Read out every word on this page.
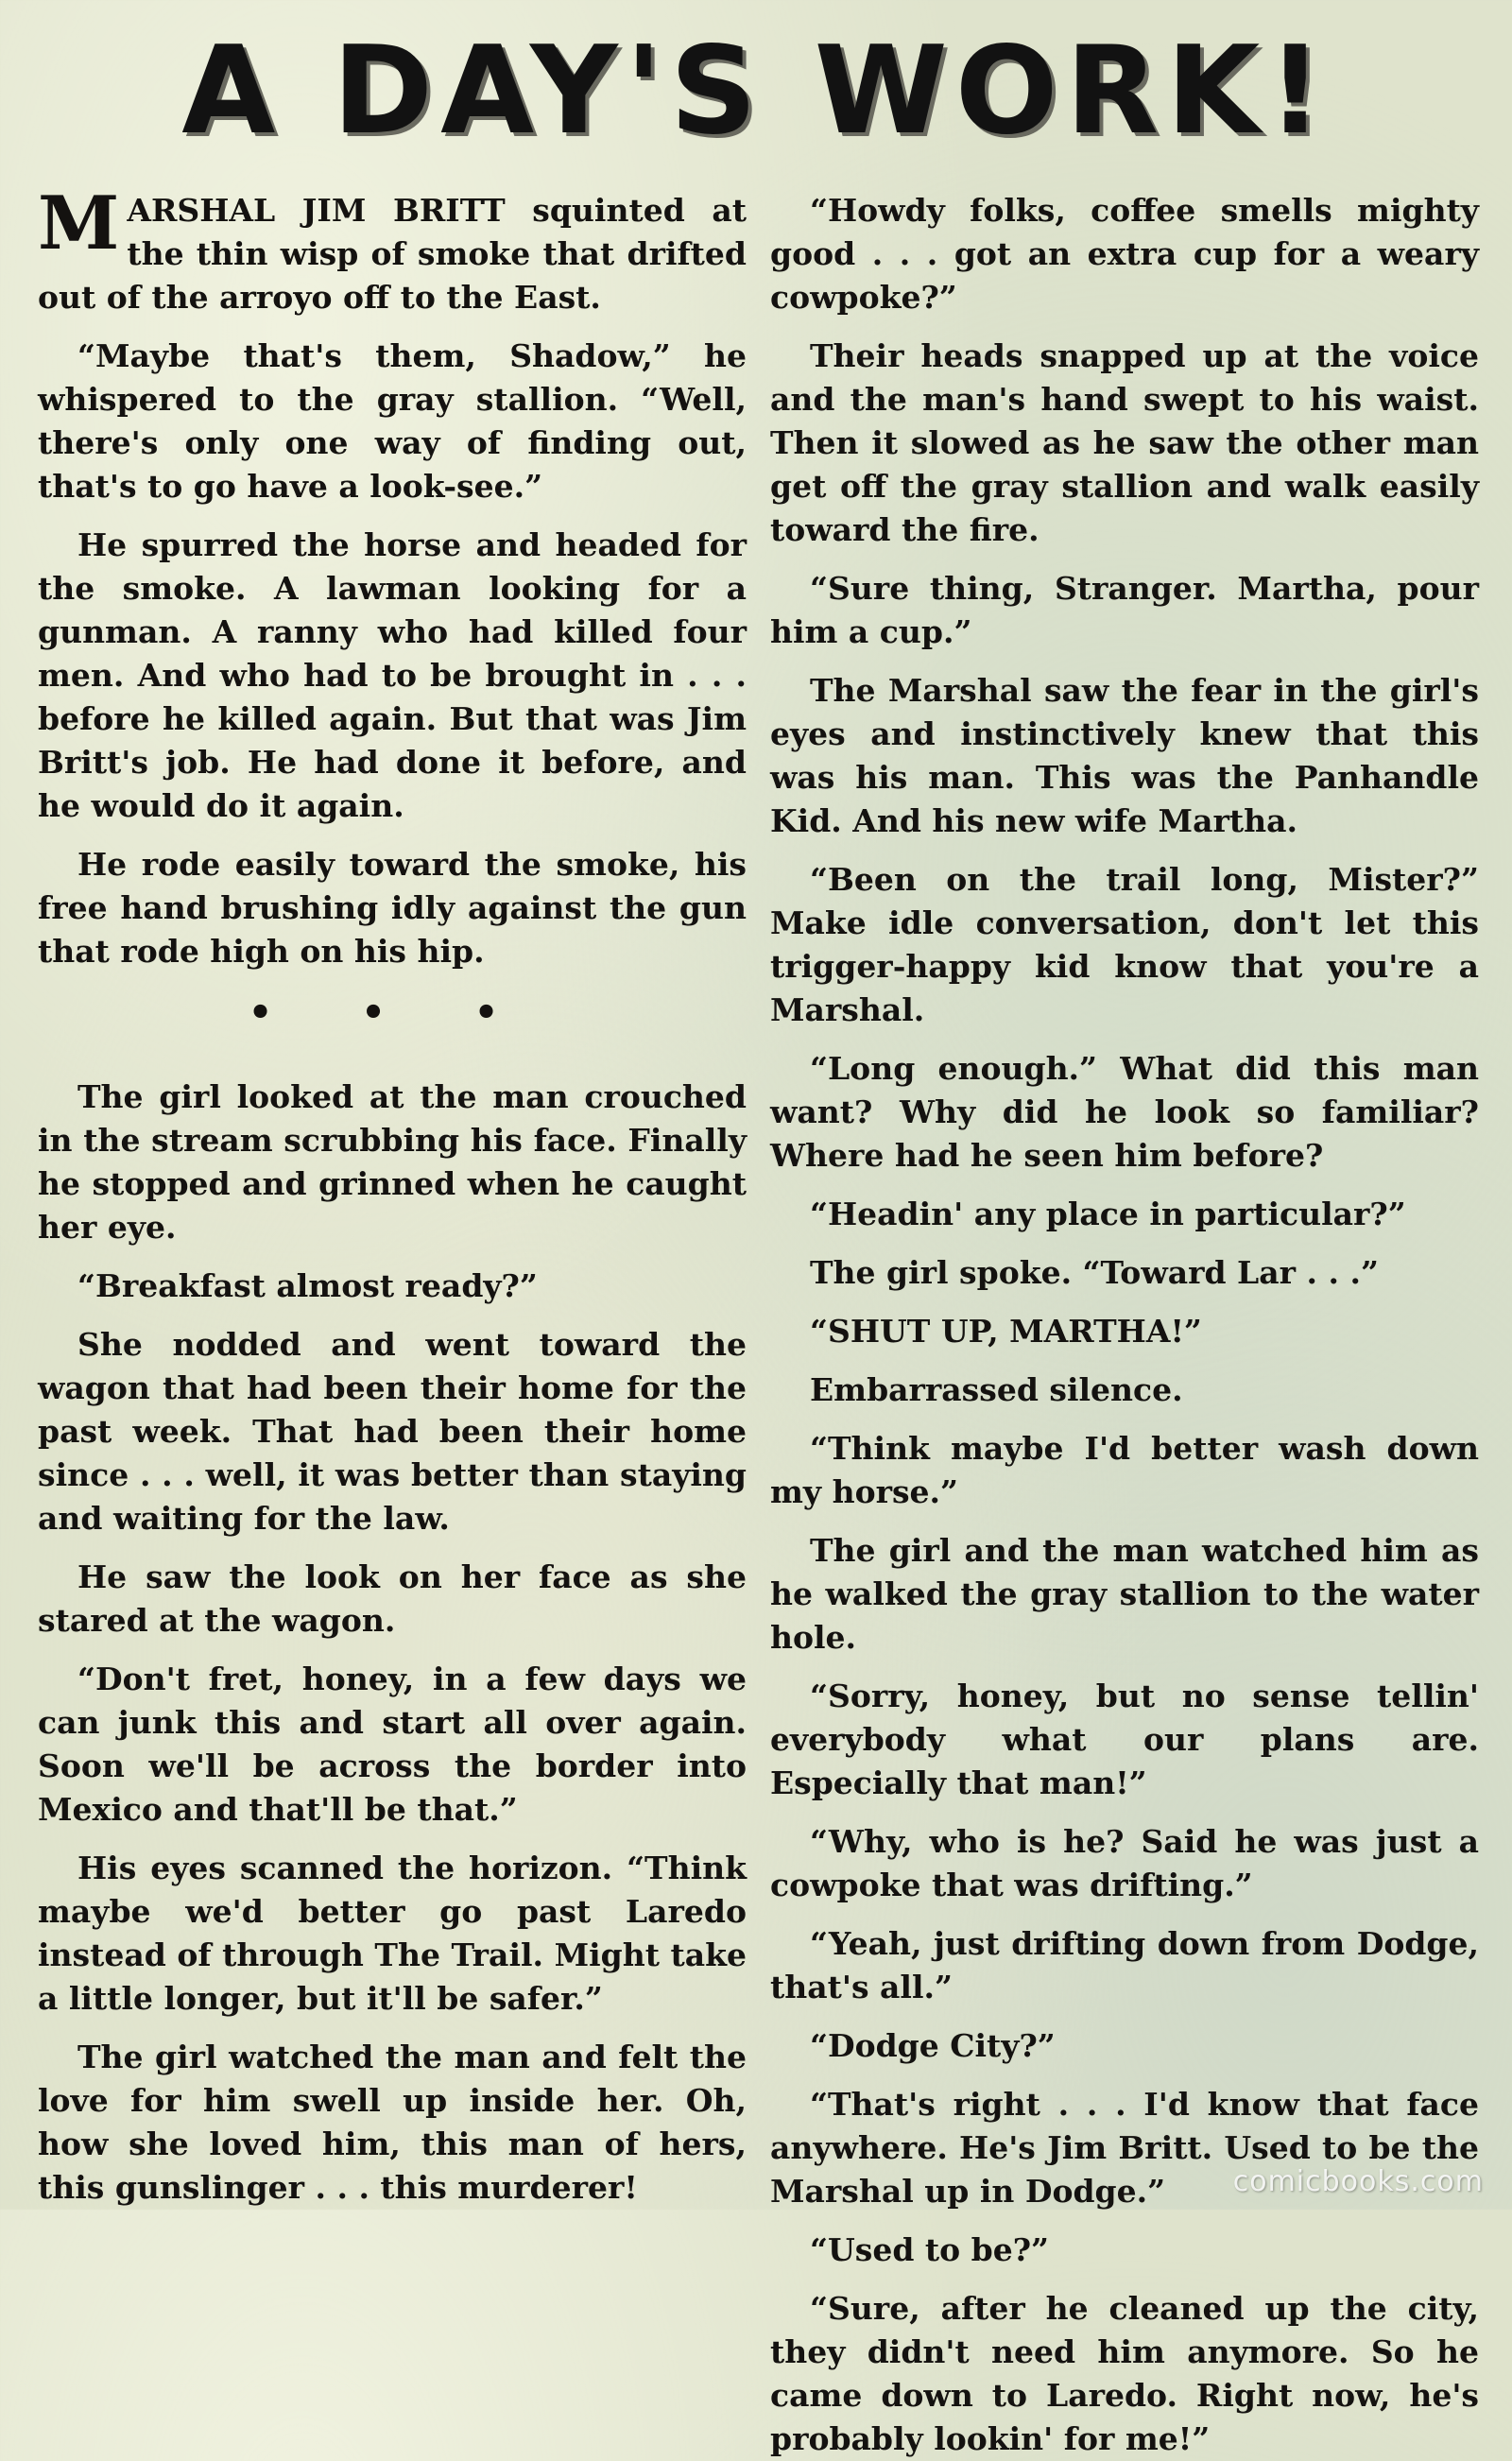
A DAY'S WORK!

MARSHAL JIM BRITT squinted at the thin wisp of smoke that drifted out of the arroyo off to the East.

“Maybe that's them, Shadow,” he whispered to the gray stallion. “Well, there's only one way of finding out, that's to go have a look-see.”

He spurred the horse and headed for the smoke. A lawman looking for a gunman. A ranny who had killed four men. And who had to be brought in . . . before he killed again. But that was Jim Britt's job. He had done it before, and he would do it again.

He rode easily toward the smoke, his free hand brushing idly against the gun that rode high on his hip.

• • •

The girl looked at the man crouched in the stream scrubbing his face. Finally he stopped and grinned when he caught her eye.

“Breakfast almost ready?”

She nodded and went toward the wagon that had been their home for the past week. That had been their home since . . . well, it was better than staying and waiting for the law.

He saw the look on her face as she stared at the wagon.

“Don't fret, honey, in a few days we can junk this and start all over again. Soon we'll be across the border into Mexico and that'll be that.”

His eyes scanned the horizon. “Think maybe we'd better go past Laredo instead of through The Trail. Might take a little longer, but it'll be safer.”

The girl watched the man and felt the love for him swell up inside her. Oh, how she loved him, this man of hers, this gunslinger . . . this murderer!

“Howdy folks, coffee smells mighty good . . . got an extra cup for a weary cowpoke?”

Their heads snapped up at the voice and the man's hand swept to his waist. Then it slowed as he saw the other man get off the gray stallion and walk easily toward the fire.

“Sure thing, Stranger. Martha, pour him a cup.”

The Marshal saw the fear in the girl's eyes and instinctively knew that this was his man. This was the Panhandle Kid. And his new wife Martha.

“Been on the trail long, Mister?” Make idle conversation, don't let this trigger-happy kid know that you're a Marshal.

“Long enough.” What did this man want? Why did he look so familiar? Where had he seen him before?

“Headin' any place in particular?”

The girl spoke. “Toward Lar . . .”

“SHUT UP, MARTHA!”

Embarrassed silence.

“Think maybe I'd better wash down my horse.”

The girl and the man watched him as he walked the gray stallion to the water hole.

“Sorry, honey, but no sense tellin' everybody what our plans are. Especially that man!”

“Why, who is he? Said he was just a cowpoke that was drifting.”

“Yeah, just drifting down from Dodge, that's all.”

“Dodge City?”

“That's right . . . I'd know that face anywhere. He's Jim Britt. Used to be the Marshal up in Dodge.”

“Used to be?”

“Sure, after he cleaned up the city, they didn't need him anymore. So he came down to Laredo. Right now, he's probably lookin' for me!”

comicbooks.com
